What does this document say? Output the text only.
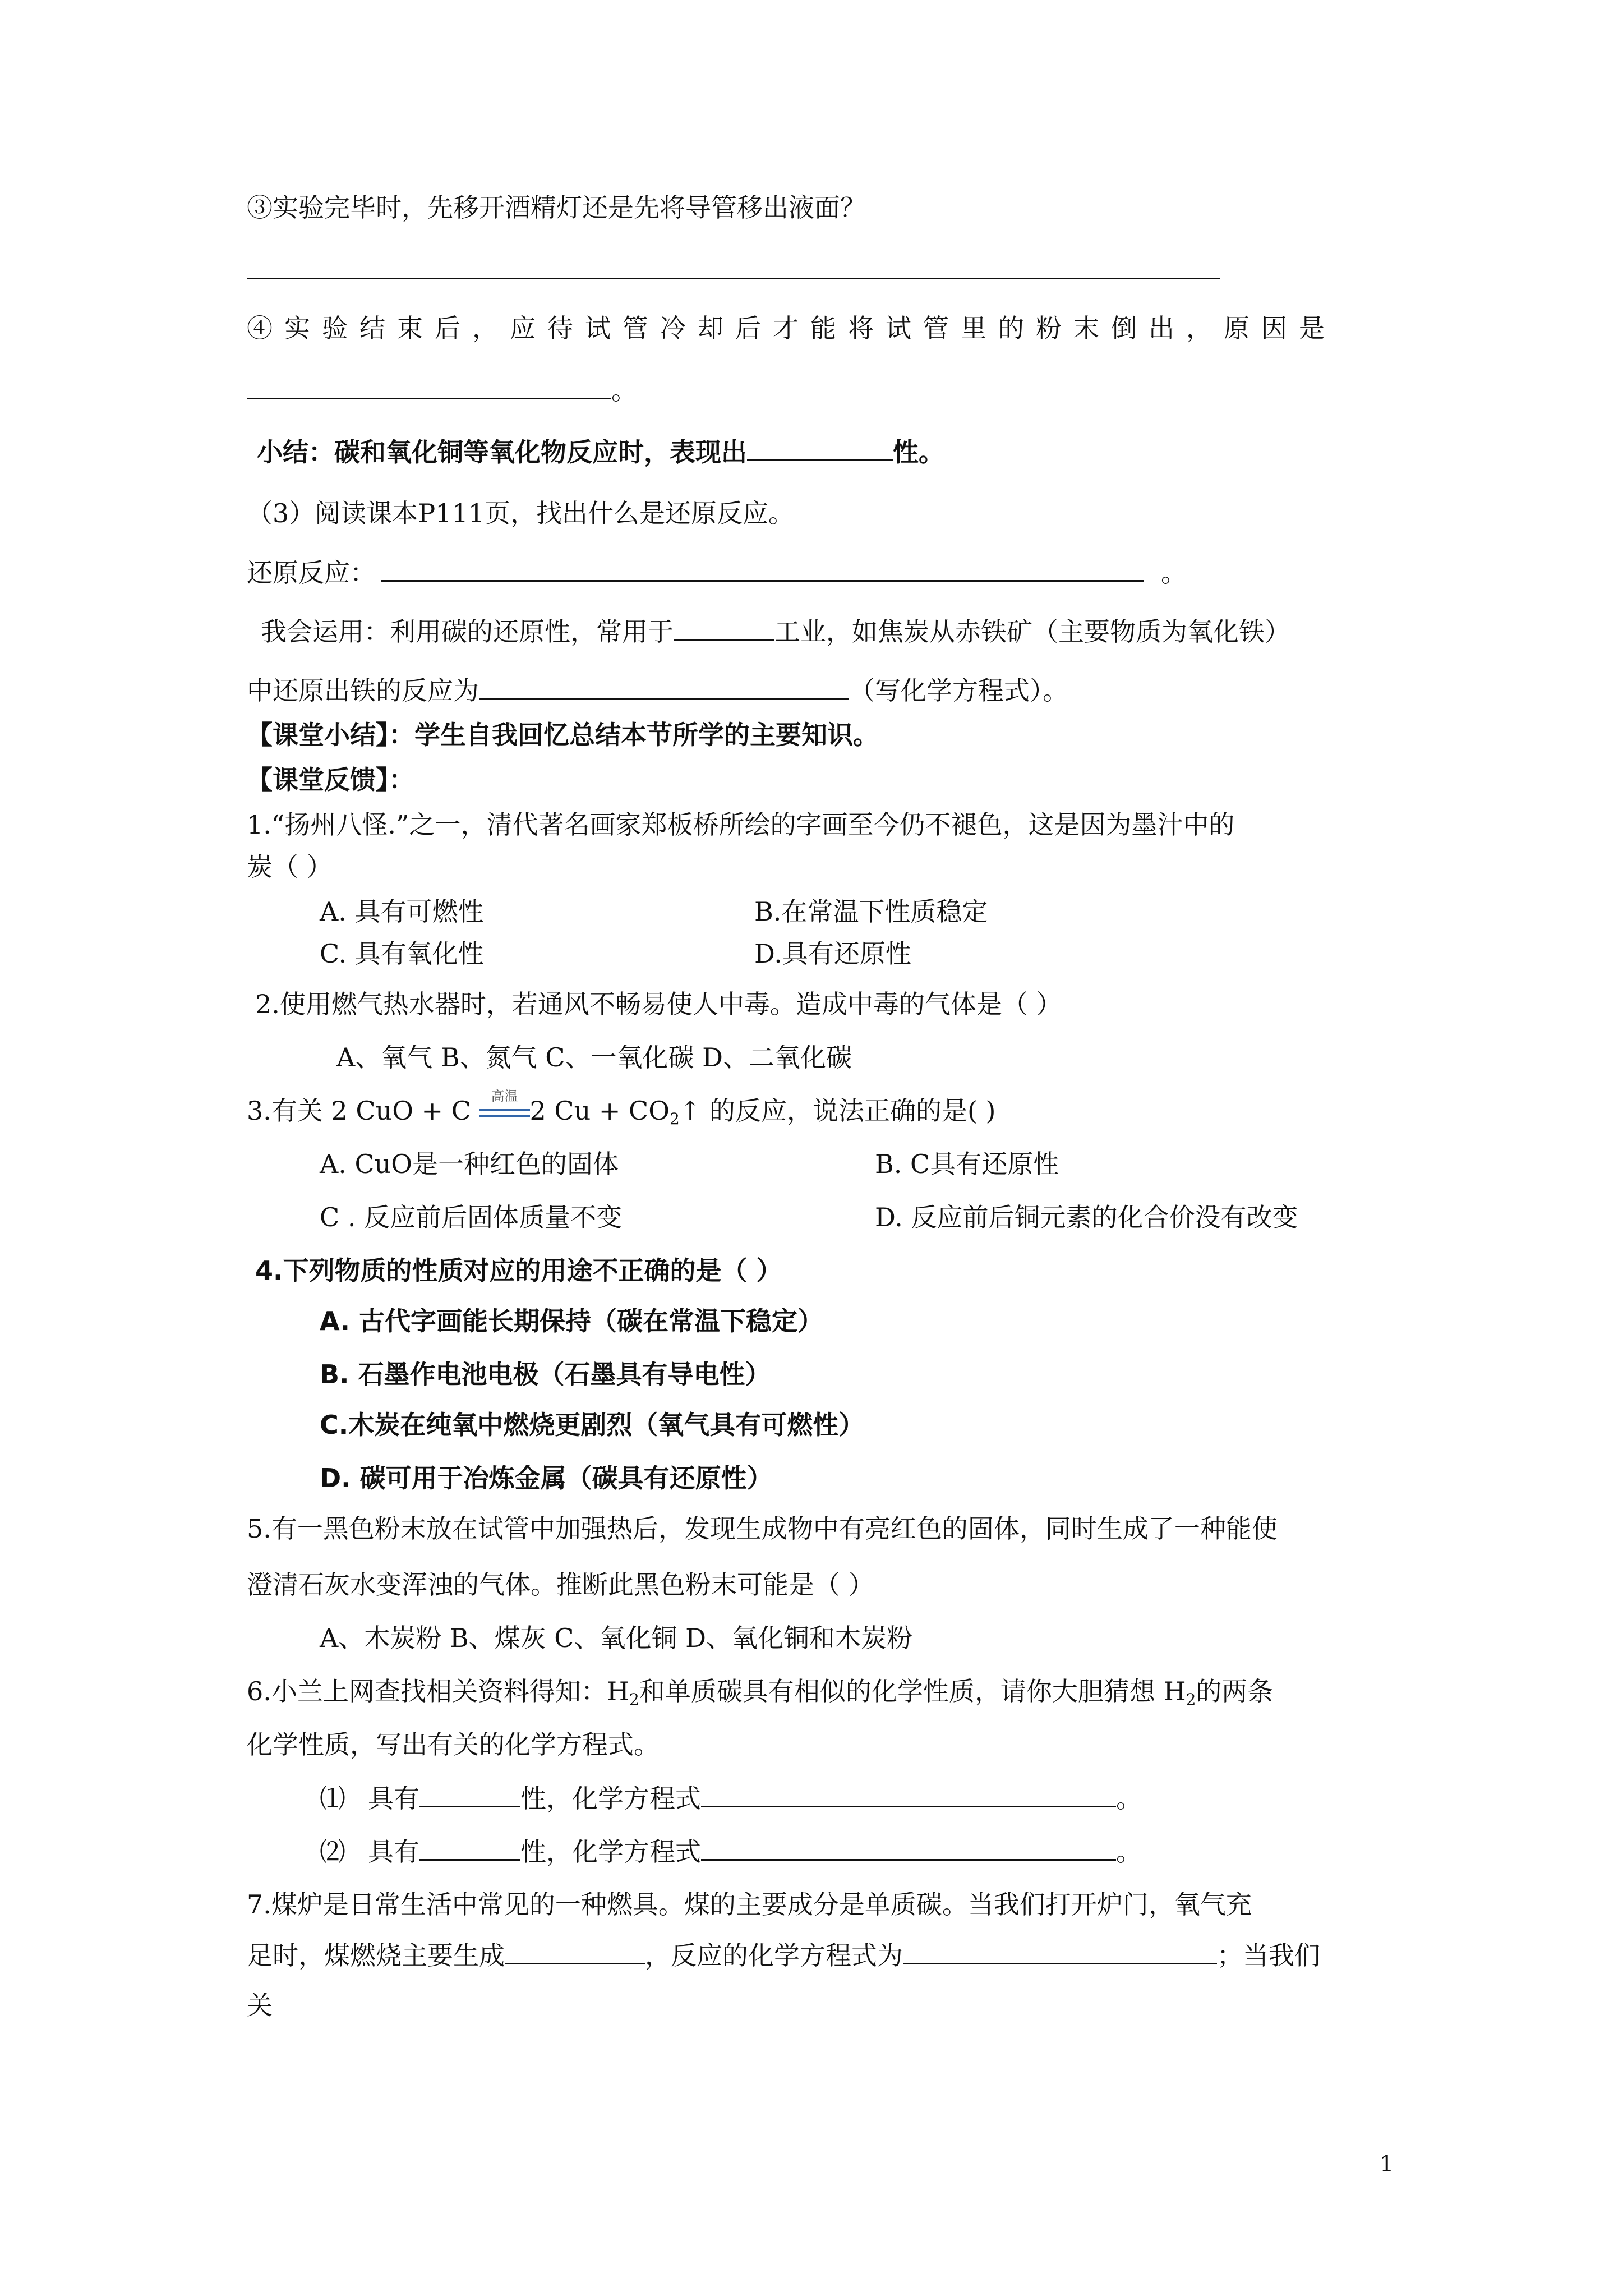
③实验完毕时，先移开酒精灯还是先将导管移出液面？
④实验结束后，应待试管冷却后才能将试管里的粉末倒出，原因是
。
小结：碳和氧化铜等氧化物反应时，表现出	性。
（3）阅读课本P111页，找出什么是还原反应。
还原反应：	。
我会运用：利用碳的还原性，常用于	工业，如焦炭从赤铁矿（主要物质为氧化铁）
中还原出铁的反应为	（写化学方程式）。
【课堂小结】：学生自我回忆总结本节所学的主要知识。
【课堂反馈】：
1.“扬州八怪.”之一，清代著名画家郑板桥所绘的字画至今仍不褪色，这是因为墨汁中的
炭（ ）
A. 具有可燃性	B.在常温下性质稳定
C. 具有氧化性	D.具有还原性
2.使用燃气热水器时，若通风不畅易使人中毒。造成中毒的气体是（ ）
A、氧气 B、氮气 C、一氧化碳 D、二氧化碳
3.有关 2 CuO + C 高温 2 $Cu + CO_2↑$ 的反应，说法正确的是( )
A. CuO是一种红色的固体	B. C具有还原性
C . 反应前后固体质量不变	D. 反应前后铜元素的化合价没有改变
4.下列物质的性质对应的用途不正确的是（ ）
A. 古代字画能长期保持（碳在常温下稳定）
B. 石墨作电池电极（石墨具有导电性）
C.木炭在纯氧中燃烧更剧烈（氧气具有可燃性）
D. 碳可用于冶炼金属（碳具有还原性）
5.有一黑色粉末放在试管中加强热后，发现生成物中有亮红色的固体，同时生成了一种能使
澄清石灰水变浑浊的气体。推断此黑色粉末可能是（ ）
A、木炭粉 B、煤灰 C、氧化铜 D、氧化铜和木炭粉
6.小兰上网查找相关资料得知：$H_2$和单质碳具有相似的化学性质，请你大胆猜想 $H_2$的两条
化学性质，写出有关的化学方程式。
⑴ 具有	性，化学方程式	。
⑵ 具有	性，化学方程式	。
7.煤炉是日常生活中常见的一种燃具。煤的主要成分是单质碳。当我们打开炉门，氧气充
足时，煤燃烧主要生成	，反应的化学方程式为	；当我们
关
1
